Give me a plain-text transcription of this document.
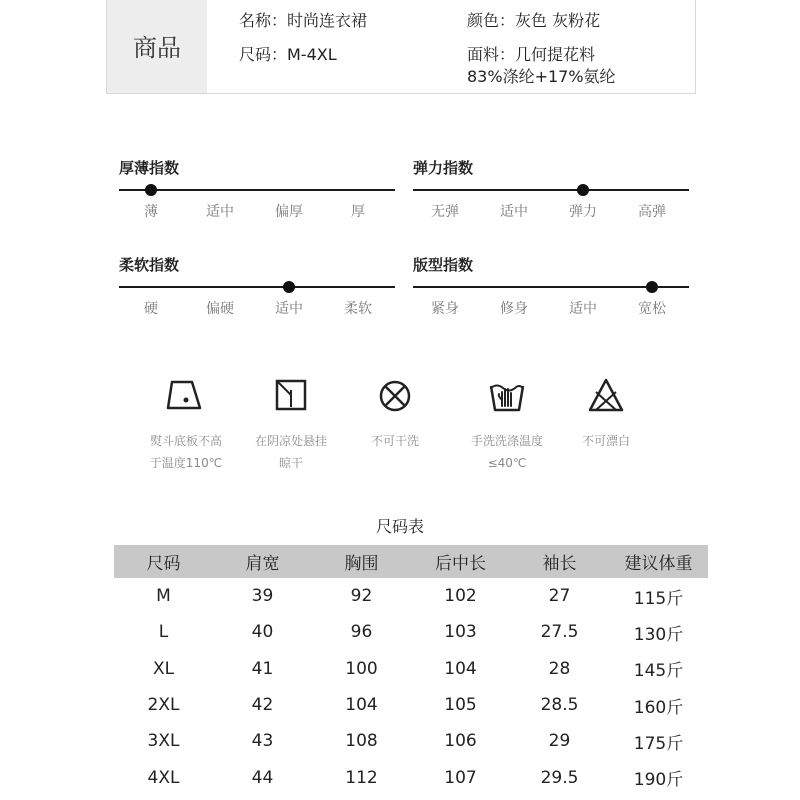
商品
名称：时尚连衣裙
尺码：M-4XL
颜色：灰色 灰粉花
面料：几何提花料
83%涤纶+17%氨纶
厚薄指数
薄	适中	偏厚	厚
弹力指数
无弹	适中	弹力	高弹
柔软指数
硬	偏硬	适中	柔软
版型指数
紧身	修身	适中	宽松
熨斗底板不高
于温度110℃
在阴凉处悬挂
晾干
不可干洗	手洗洗涤温度
≤40℃
不可漂白
尺码表
尺码	肩宽	胸围	后中长	袖长	建议体重
M	39	92	102	27	115斤
L	40	96	103	27.5	130斤
XL	41	100	104	28	145斤
2XL	42	104	105	28.5	160斤
3XL	43	108	106	29	175斤
4XL	44	112	107	29.5	190斤
